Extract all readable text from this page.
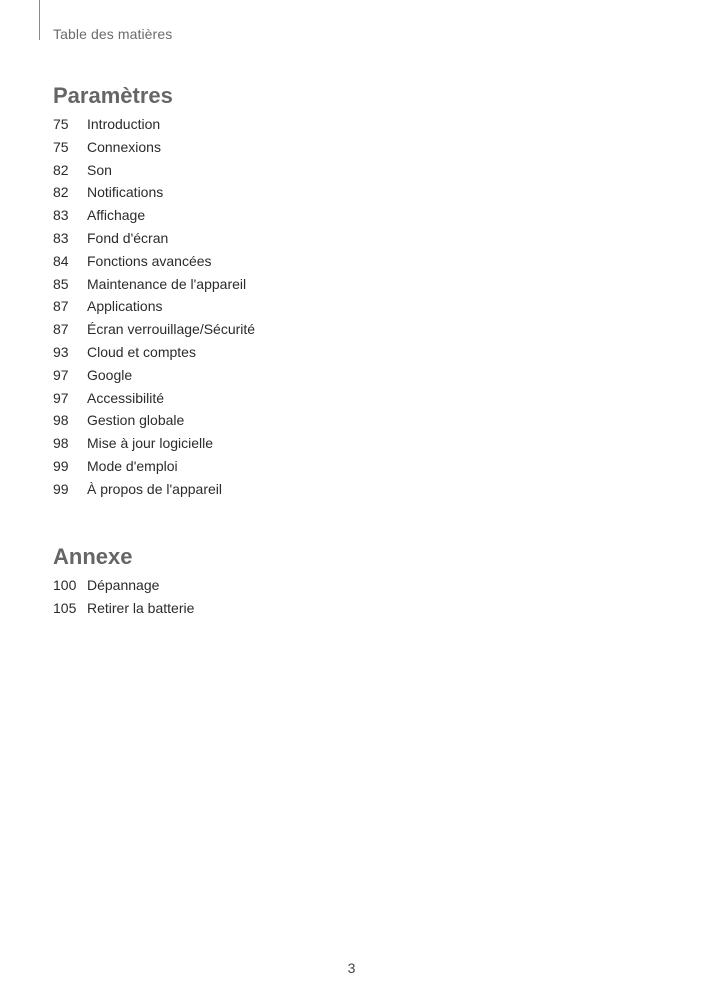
Table des matières
Paramètres
75	Introduction
75	Connexions
82	Son
82	Notifications
83	Affichage
83	Fond d'écran
84	Fonctions avancées
85	Maintenance de l'appareil
87	Applications
87	Écran verrouillage/Sécurité
93	Cloud et comptes
97	Google
97	Accessibilité
98	Gestion globale
98	Mise à jour logicielle
99	Mode d'emploi
99	À propos de l'appareil
Annexe
100 Dépannage
105 Retirer la batterie
3
